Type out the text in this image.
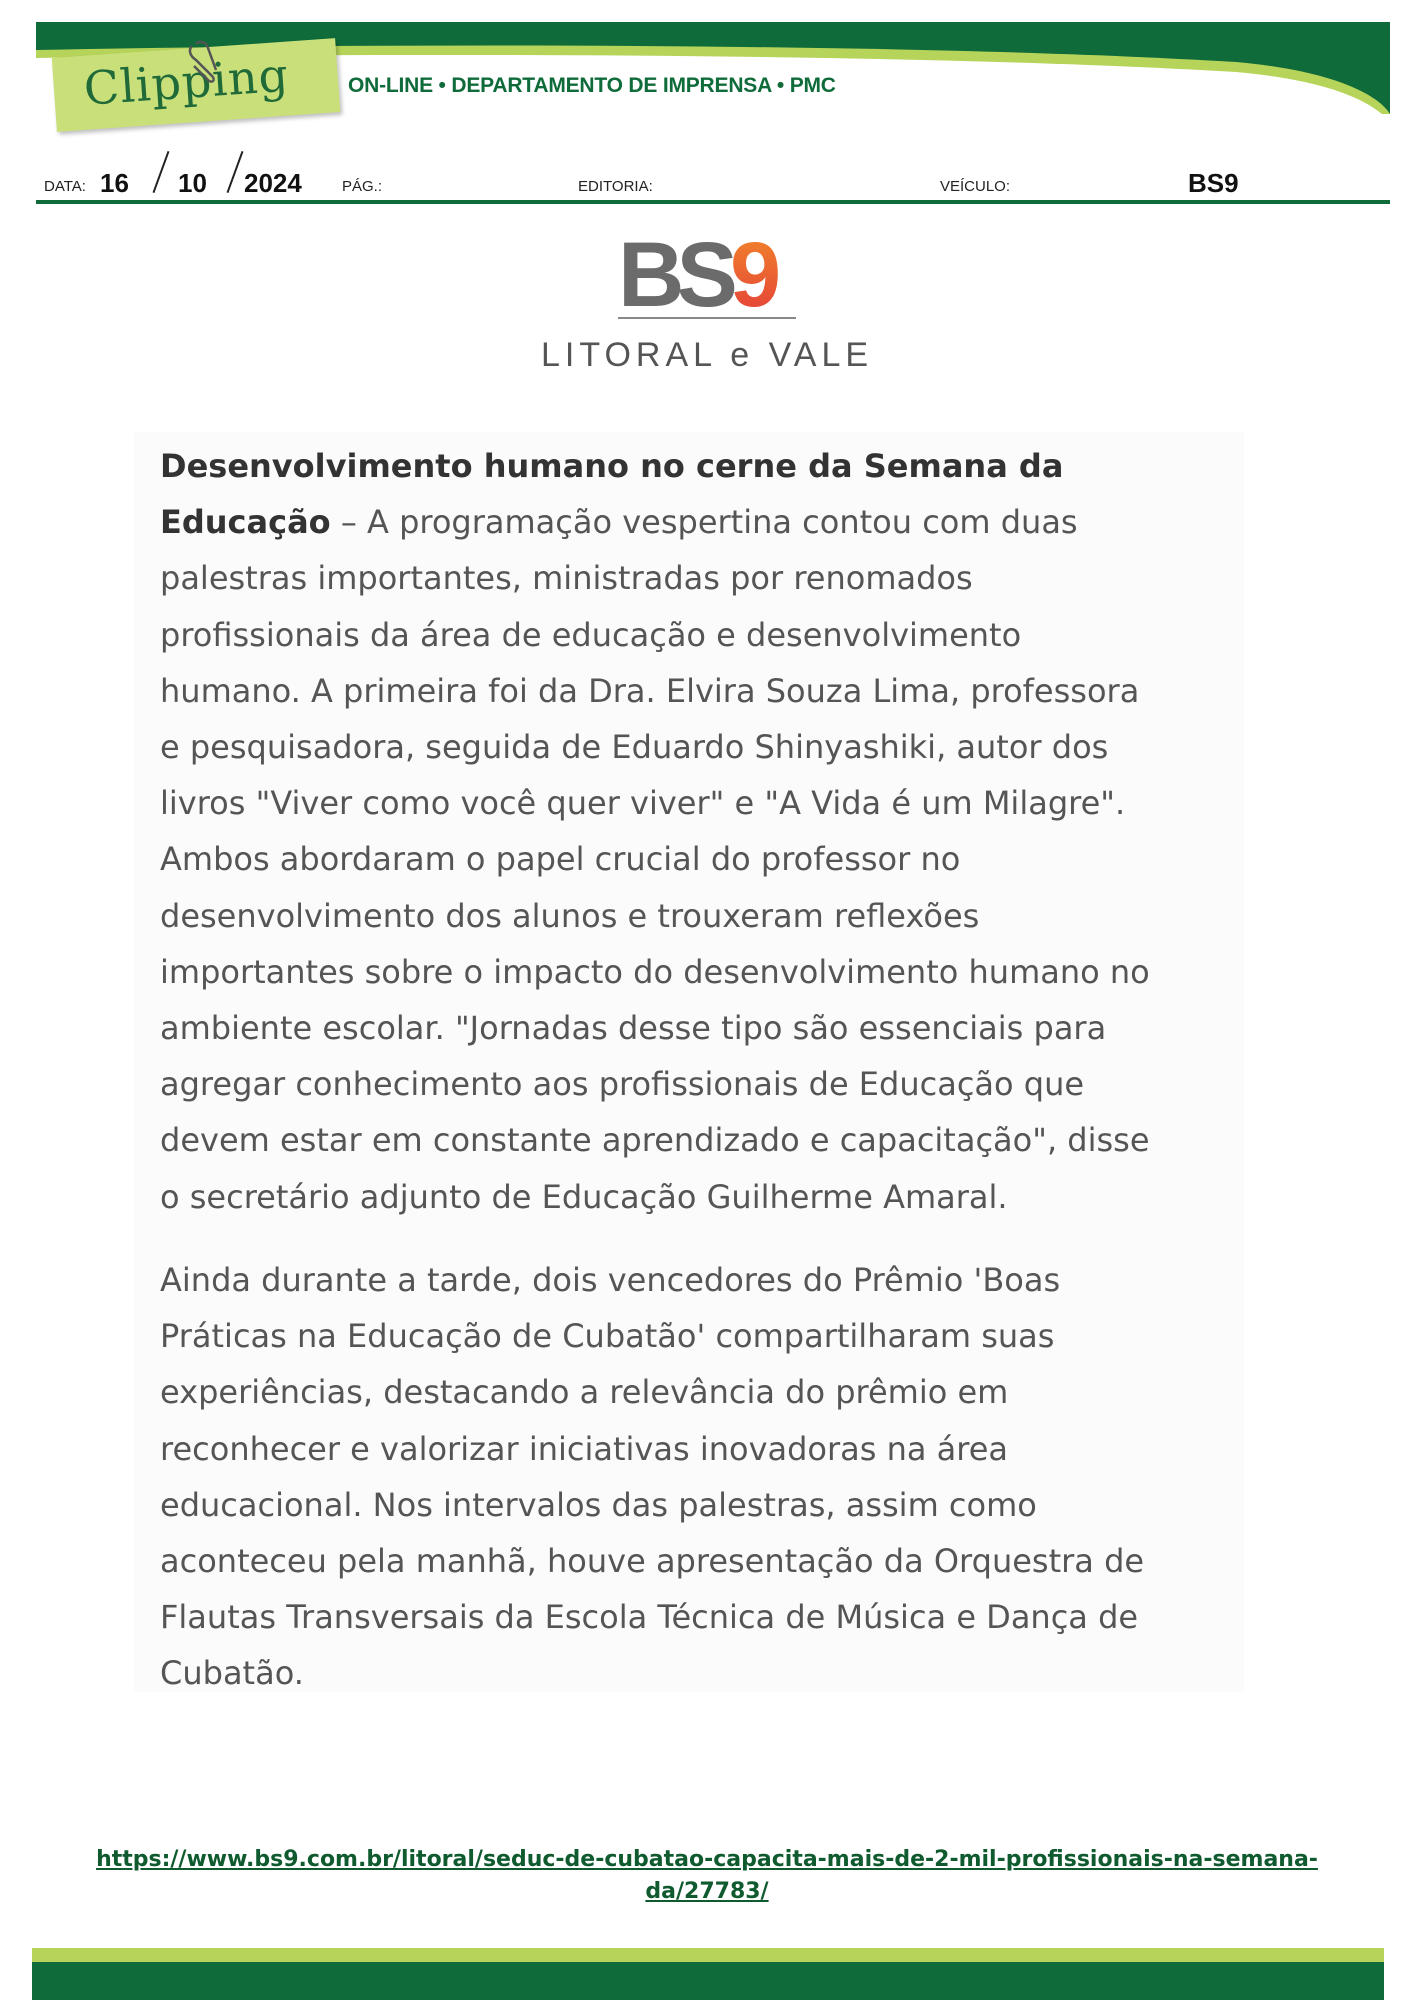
Clipping	ON-LINE • DEPARTAMENTO DE IMPRENSA • PMC
DATA: 16 10 2024	PÁG.:	EDITORIA:	VEÍCULO:	BS9
BS 9
LITORAL e VALE

Desenvolvimento humano no cerne da Semana da Educação – A programação vespertina contou com duas palestras importantes, ministradas por renomados profissionais da área de educação e desenvolvimento humano. A primeira foi da Dra. Elvira Souza Lima, professora e pesquisadora, seguida de Eduardo Shinyashiki, autor dos livros "Viver como você quer viver" e "A Vida é um Milagre". Ambos abordaram o papel crucial do professor no desenvolvimento dos alunos e trouxeram reflexões importantes sobre o impacto do desenvolvimento humano no ambiente escolar. "Jornadas desse tipo são essenciais para agregar conhecimento aos profissionais de Educação que devem estar em constante aprendizado e capacitação", disse o secretário adjunto de Educação Guilherme Amaral.

Ainda durante a tarde, dois vencedores do Prêmio 'Boas Práticas na Educação de Cubatão' compartilharam suas experiências, destacando a relevância do prêmio em reconhecer e valorizar iniciativas inovadoras na área educacional. Nos intervalos das palestras, assim como aconteceu pela manhã, houve apresentação da Orquestra de Flautas Transversais da Escola Técnica de Música e Dança de Cubatão.

https://www.bs9.com.br/litoral/seduc-de-cubatao-capacita-mais-de-2-mil-profissionais-na-semana-da/27783/
